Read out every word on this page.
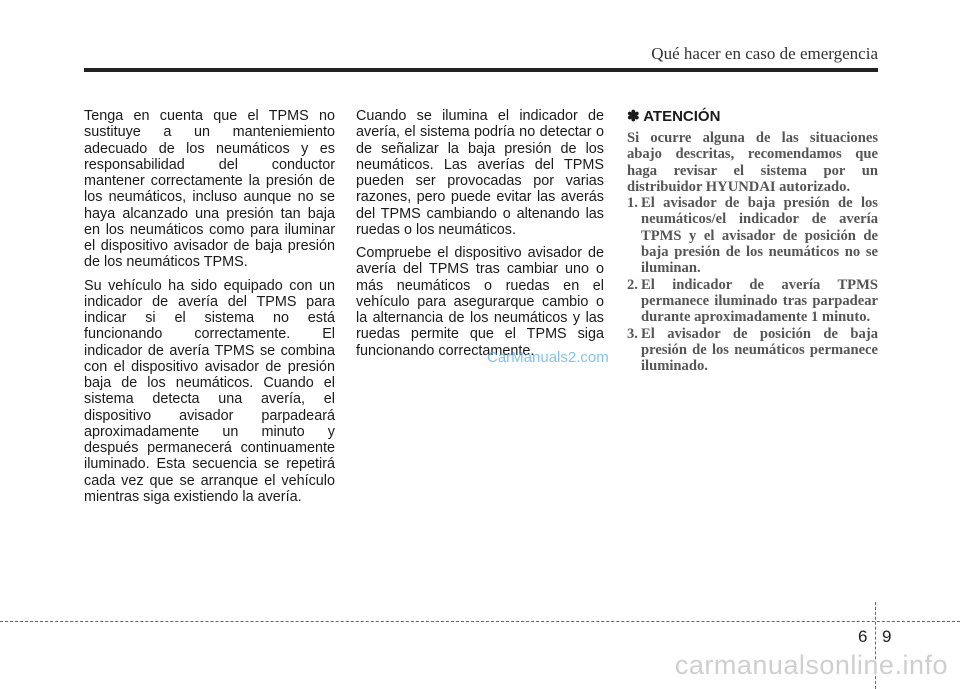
Qué hacer en caso de emergencia

Tenga en cuenta que el TPMS no sustituye a un manteniemiento adecuado de los neumáticos y es responsabilidad del conductor mantener correctamente la presión de los neumáticos, incluso aunque no se haya alcanzado una presión tan baja en los neumáticos como para iluminar el dispositivo avisador de baja presión de los neumáticos TPMS.

Su vehículo ha sido equipado con un indicador de avería del TPMS para indicar si el sistema no está funcionando correctamente. El indicador de avería TPMS se combina con el dispositivo avisador de presión baja de los neumáticos. Cuando el sistema detecta una avería, el dispositivo avisador parpadeará aproximadamente un minuto y después permanecerá continuamente iluminado. Esta secuencia se repetirá cada vez que se arranque el vehículo mientras siga existiendo la avería.

Cuando se ilumina el indicador de avería, el sistema podría no detectar o de señalizar la baja presión de los neumáticos. Las averías del TPMS pueden ser provocadas por varias razones, pero puede evitar las averás del TPMS cambiando o altenando las ruedas o los neumáticos.

Compruebe el dispositivo avisador de avería del TPMS tras cambiar uno o más neumáticos o ruedas en el vehículo para asegurarque cambio o la alternancia de los neumáticos y las ruedas permite que el TPMS siga funcionando correctamente.

✽ ATENCIÓN

Si ocurre alguna de las situaciones abajo descritas, recomendamos que haga revisar el sistema por un distribuidor HYUNDAI autorizado.

1. El avisador de baja presión de los neumáticos/el indicador de avería TPMS y el avisador de posición de baja presión de los neumáticos no se iluminan.
2. El indicador de avería TPMS permanece iluminado tras parpadear durante aproximadamente 1 minuto.
3. El avisador de posición de baja presión de los neumáticos permanece iluminado.
CarManuals2.com
6 9
carmanualsonline.info
